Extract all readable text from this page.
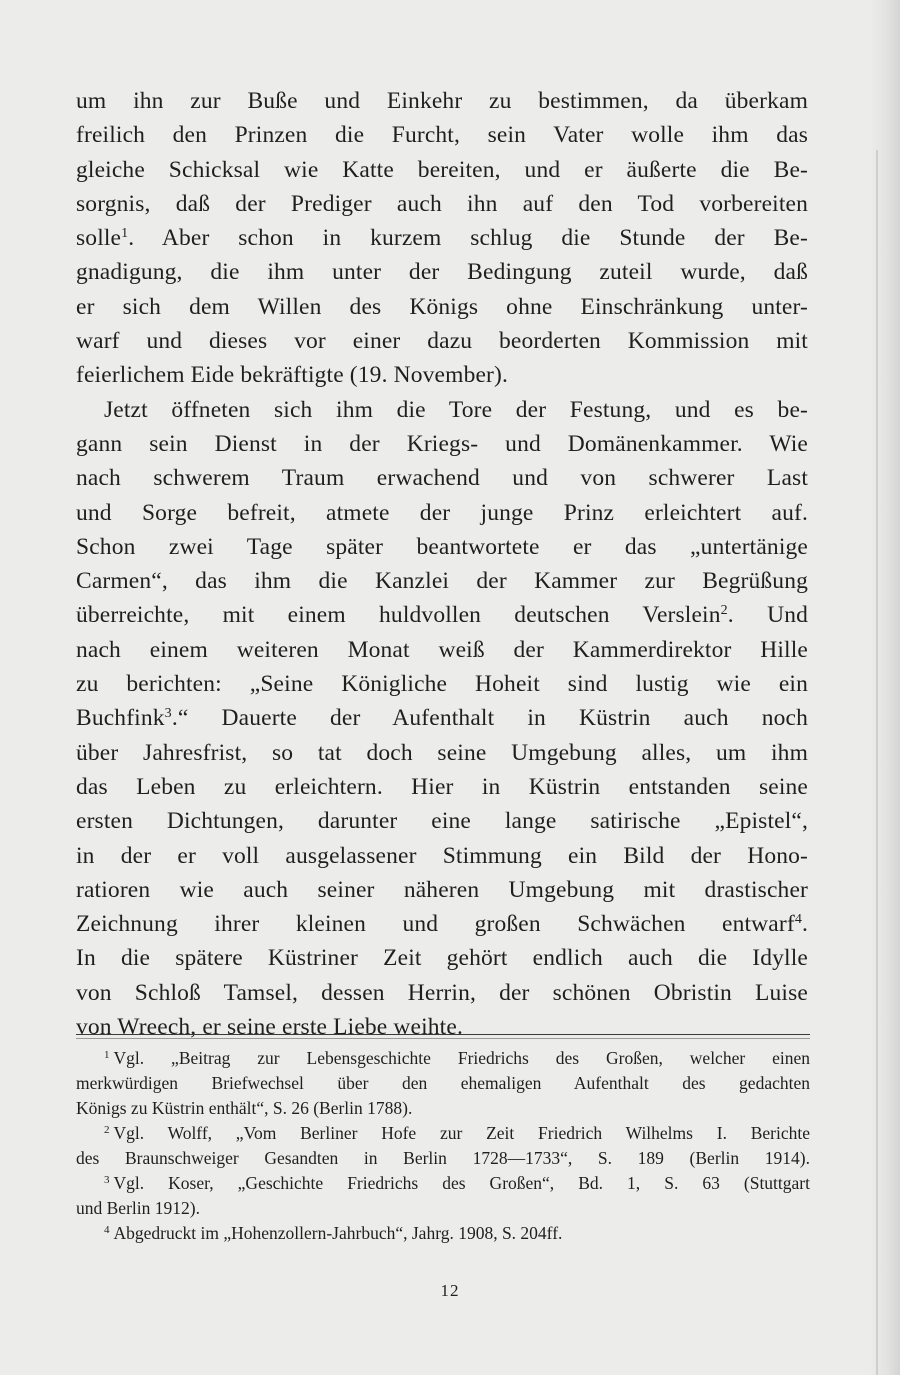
um ihn zur Buße und Einkehr zu bestimmen, da überkam
freilich den Prinzen die Furcht, sein Vater wolle ihm das
gleiche Schicksal wie Katte bereiten, und er äußerte die Be-
sorgnis, daß der Prediger auch ihn auf den Tod vorbereiten
solle$^1$. Aber schon in kurzem schlug die Stunde der Be-
gnadigung, die ihm unter der Bedingung zuteil wurde, daß
er sich dem Willen des Königs ohne Einschränkung unter-
warf und dieses vor einer dazu beorderten Kommission mit
feierlichem Eide bekräftigte (19. November).
Jetzt öffneten sich ihm die Tore der Festung, und es be-
gann sein Dienst in der Kriegs- und Domänenkammer. Wie
nach schwerem Traum erwachend und von schwerer Last
und Sorge befreit, atmete der junge Prinz erleichtert auf.
Schon zwei Tage später beantwortete er das „untertänige
Carmen“, das ihm die Kanzlei der Kammer zur Begrüßung
überreichte, mit einem huldvollen deutschen Verslein$^2$. Und
nach einem weiteren Monat weiß der Kammerdirektor Hille
zu berichten: „Seine Königliche Hoheit sind lustig wie ein
Buchfink$^3$.“ Dauerte der Aufenthalt in Küstrin auch noch
über Jahresfrist, so tat doch seine Umgebung alles, um ihm
das Leben zu erleichtern. Hier in Küstrin entstanden seine
ersten Dichtungen, darunter eine lange satirische „Epistel“,
in der er voll ausgelassener Stimmung ein Bild der Hono-
ratioren wie auch seiner näheren Umgebung mit drastischer
Zeichnung ihrer kleinen und großen Schwächen entwarf$^4$.
In die spätere Küstriner Zeit gehört endlich auch die Idylle
von Schloß Tamsel, dessen Herrin, der schönen Obristin Luise
von Wreech, er seine erste Liebe weihte.
$^1$ Vgl. „Beitrag zur Lebensgeschichte Friedrichs des Großen, welcher einen
merkwürdigen Briefwechsel über den ehemaligen Aufenthalt des gedachten
Königs zu Küstrin enthält“, S. 26 (Berlin 1788).
$^2$ Vgl. Wolff, „Vom Berliner Hofe zur Zeit Friedrich Wilhelms I. Berichte
des Braunschweiger Gesandten in Berlin 1728—1733“, S. 189 (Berlin 1914).
$^3$ Vgl. Koser, „Geschichte Friedrichs des Großen“, Bd. 1, S. 63 (Stuttgart
und Berlin 1912).
$^4$ Abgedruckt im „Hohenzollern-Jahrbuch“, Jahrg. 1908, S. 204ff.
12
